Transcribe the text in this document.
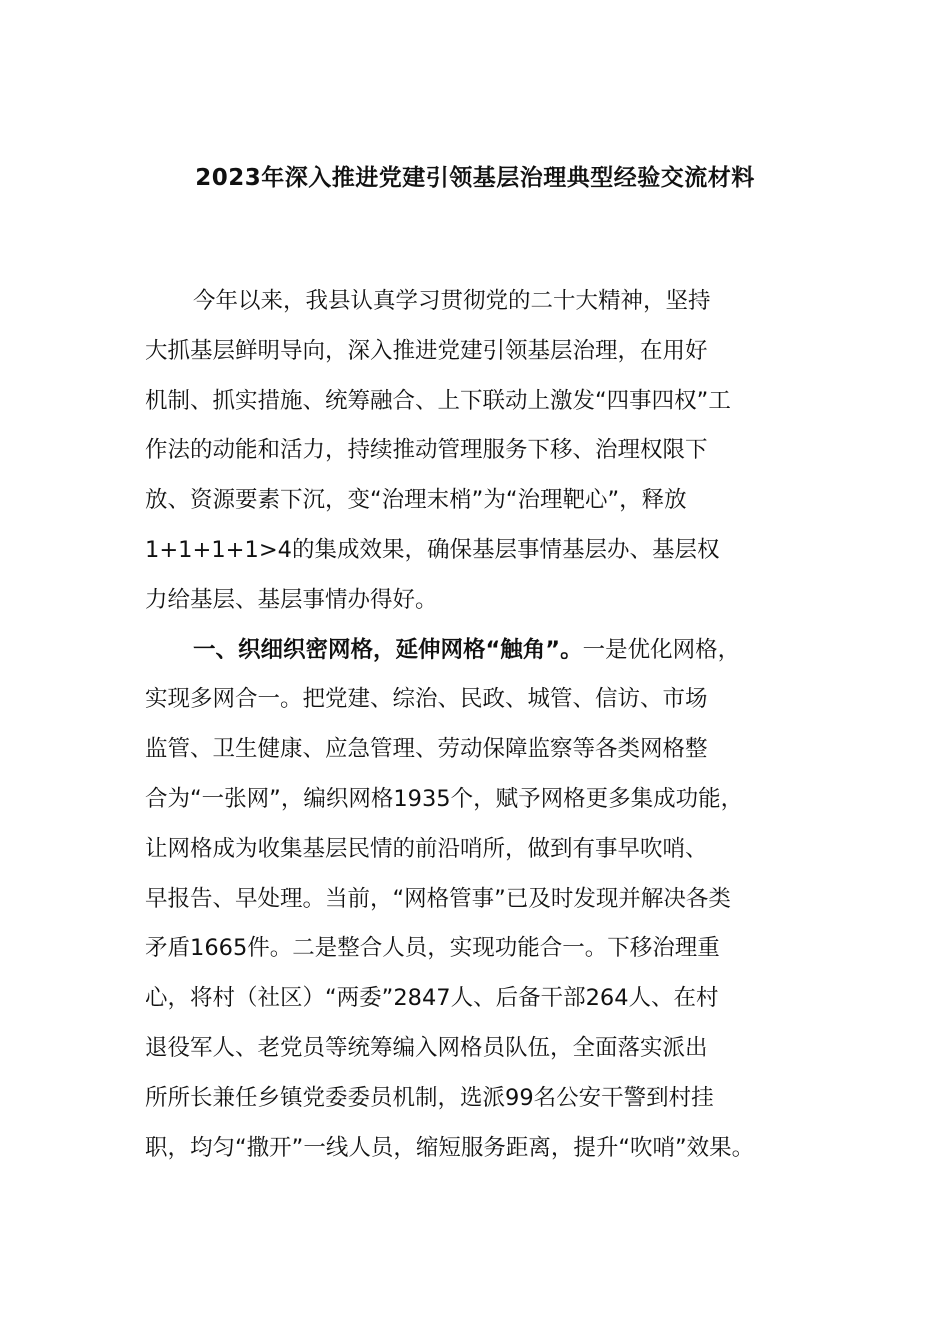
2023年深入推进党建引领基层治理典型经验交流材料
今年以来，我县认真学习贯彻党的二十大精神，坚持
大抓基层鲜明导向，深入推进党建引领基层治理，在用好
机制、抓实措施、统筹融合、上下联动上激发“四事四权”工
作法的动能和活力，持续推动管理服务下移、治理权限下
放、资源要素下沉，变“治理末梢”为“治理靶心”，释放
1+1+1+1>4的集成效果，确保基层事情基层办、基层权
力给基层、基层事情办得好。
一、织细织密网格，延伸网格“触角”。一是优化网格，
实现多网合一。把党建、综治、民政、城管、信访、市场
监管、卫生健康、应急管理、劳动保障监察等各类网格整
合为“一张网”，编织网格1935个，赋予网格更多集成功能，
让网格成为收集基层民情的前沿哨所，做到有事早吹哨、
早报告、早处理。当前，“网格管事”已及时发现并解决各类
矛盾1665件。二是整合人员，实现功能合一。下移治理重
心，将村（社区）“两委”2847人、后备干部264人、在村
退役军人、老党员等统筹编入网格员队伍，全面落实派出
所所长兼任乡镇党委委员机制，选派99名公安干警到村挂
职，均匀“撒开”一线人员，缩短服务距离，提升“吹哨”效果。
